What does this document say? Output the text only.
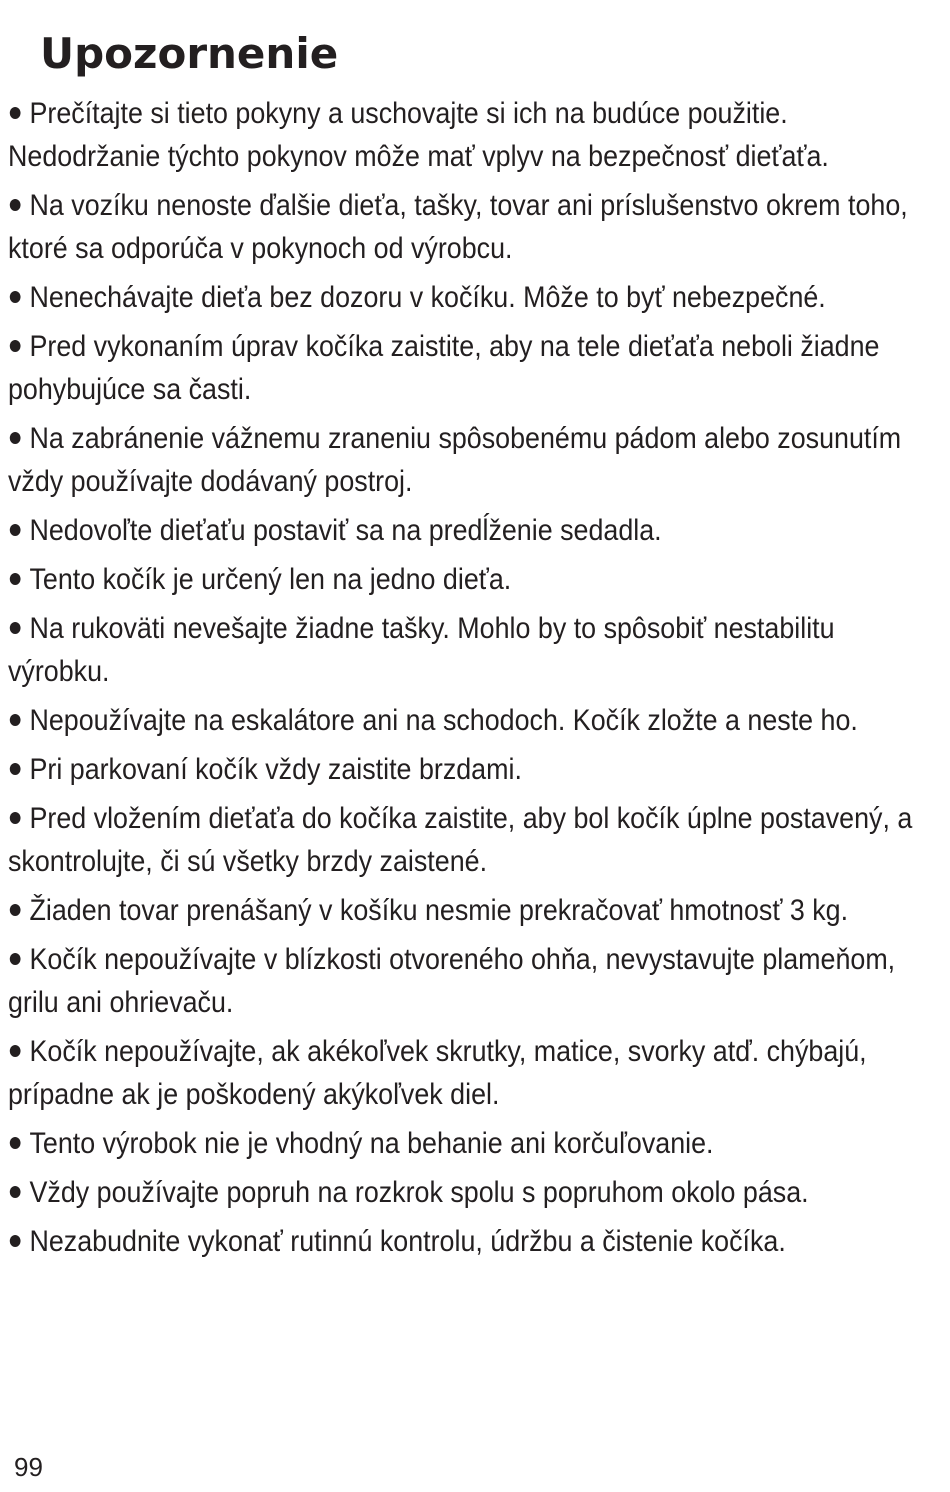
Upozornenie
Prečítajte si tieto pokyny a uschovajte si ich na budúce použitie. Nedodržanie týchto pokynov môže mať vplyv na bezpečnosť dieťaťa.
Na vozíku nenoste ďalšie dieťa, tašky, tovar ani príslušenstvo okrem toho, ktoré sa odporúča v pokynoch od výrobcu.
Nenechávajte dieťa bez dozoru v kočíku. Môže to byť nebezpečné.
Pred vykonaním úprav kočíka zaistite, aby na tele dieťaťa neboli žiadne pohybujúce sa časti.
Na zabránenie vážnemu zraneniu spôsobenému pádom alebo zosunutím vždy používajte dodávaný postroj.
Nedovoľte dieťaťu postaviť sa na predĺženie sedadla.
Tento kočík je určený len na jedno dieťa.
Na rukoväti nevešajte žiadne tašky. Mohlo by to spôsobiť nestabilitu výrobku.
Nepoužívajte na eskalátore ani na schodoch. Kočík zložte a neste ho.
Pri parkovaní kočík vždy zaistite brzdami.
Pred vložením dieťaťa do kočíka zaistite, aby bol kočík úplne postavený, a skontrolujte, či sú všetky brzdy zaistené.
Žiaden tovar prenášaný v košíku nesmie prekračovať hmotnosť 3 kg.
Kočík nepoužívajte v blízkosti otvoreného ohňa, nevystavujte plameňom, grilu ani ohrievaču.
Kočík nepoužívajte, ak akékoľvek skrutky, matice, svorky atď. chýbajú, prípadne ak je poškodený akýkoľvek diel.
Tento výrobok nie je vhodný na behanie ani korčuľovanie.
Vždy používajte popruh na rozkrok spolu s popruhom okolo pása.
Nezabudnite vykonať rutinnú kontrolu, údržbu a čistenie kočíka.
99
